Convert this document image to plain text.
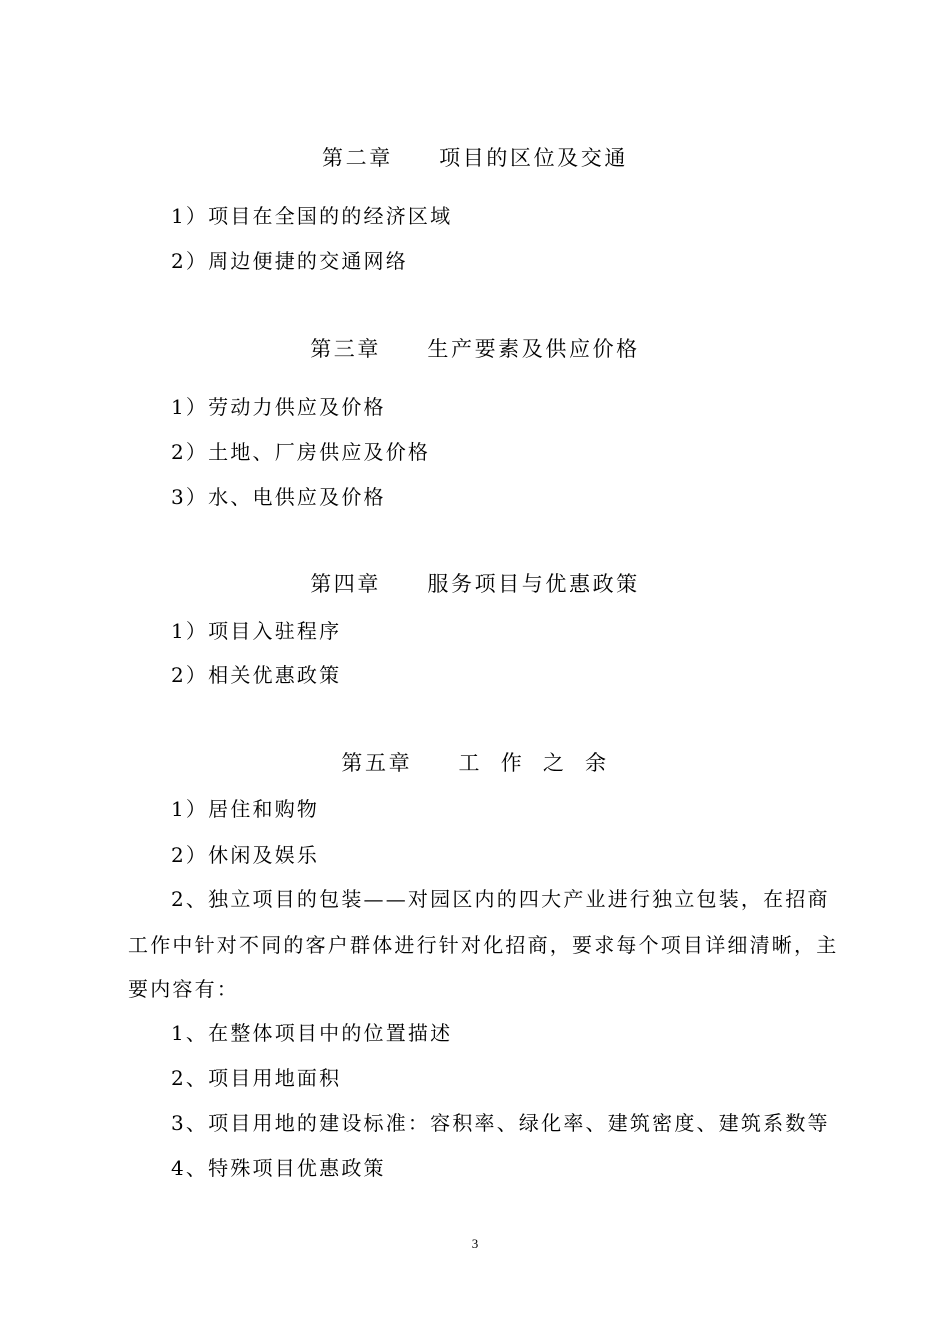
第二章     项目的区位及交通
1）项目在全国的的经济区域
2）周边便捷的交通网络
第三章     生产要素及供应价格
1）劳动力供应及价格
2）土地、厂房供应及价格
3）水、电供应及价格
第四章     服务项目与优惠政策
1）项目入驻程序
2）相关优惠政策
第五章     工  作  之  余
1）居住和购物
2）休闲及娱乐
2、独立项目的包装——对园区内的四大产业进行独立包装，在招商
工作中针对不同的客户群体进行针对化招商，要求每个项目详细清晰，主
要内容有：
1、在整体项目中的位置描述
2、项目用地面积
3、项目用地的建设标准：容积率、绿化率、建筑密度、建筑系数等
4、特殊项目优惠政策
3
